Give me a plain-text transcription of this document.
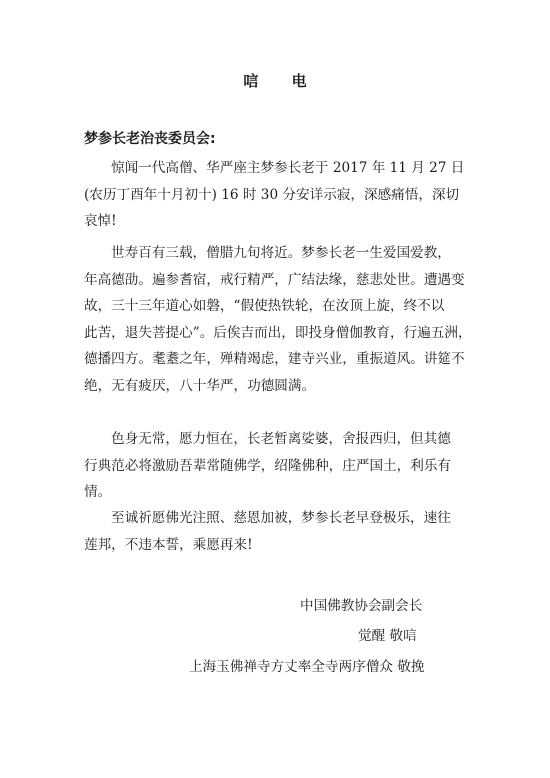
唁 电
梦参长老治丧委员会:
惊闻一代高僧、华严座主梦参长老于 2017 年 11 月 27 日
(农历丁酉年十月初十) 16 时 30 分安详示寂，深感痛悟，深切
哀悼!
世寿百有三载，僧腊九旬将近。梦参长老一生爱国爱教，
年高德劭。遍参耆宿，戒行精严，广结法缘，慈悲处世。遭遇变
故，三十三年道心如磐，“假使热铁轮，在汝顶上旋，终不以
此苦，退失菩提心”。后俟吉而出，即投身僧伽教育，行遍五洲，
德播四方。耄耋之年，殚精竭虑，建寺兴业，重振道风。讲筵不
绝，无有疲厌，八十华严，功德圆满。
色身无常，愿力恒在，长老暂离娑婆，舍报西归，但其德
行典范必将激励吾辈常随佛学，绍隆佛种，庄严国土，利乐有
情。
至诚祈愿佛光注照、慈恩加被，梦参长老早登极乐，速往
莲邦，不违本誓，乘愿再来!
中国佛教协会副会长
觉醒 敬唁
上海玉佛禅寺方丈率全寺两序僧众 敬挽
